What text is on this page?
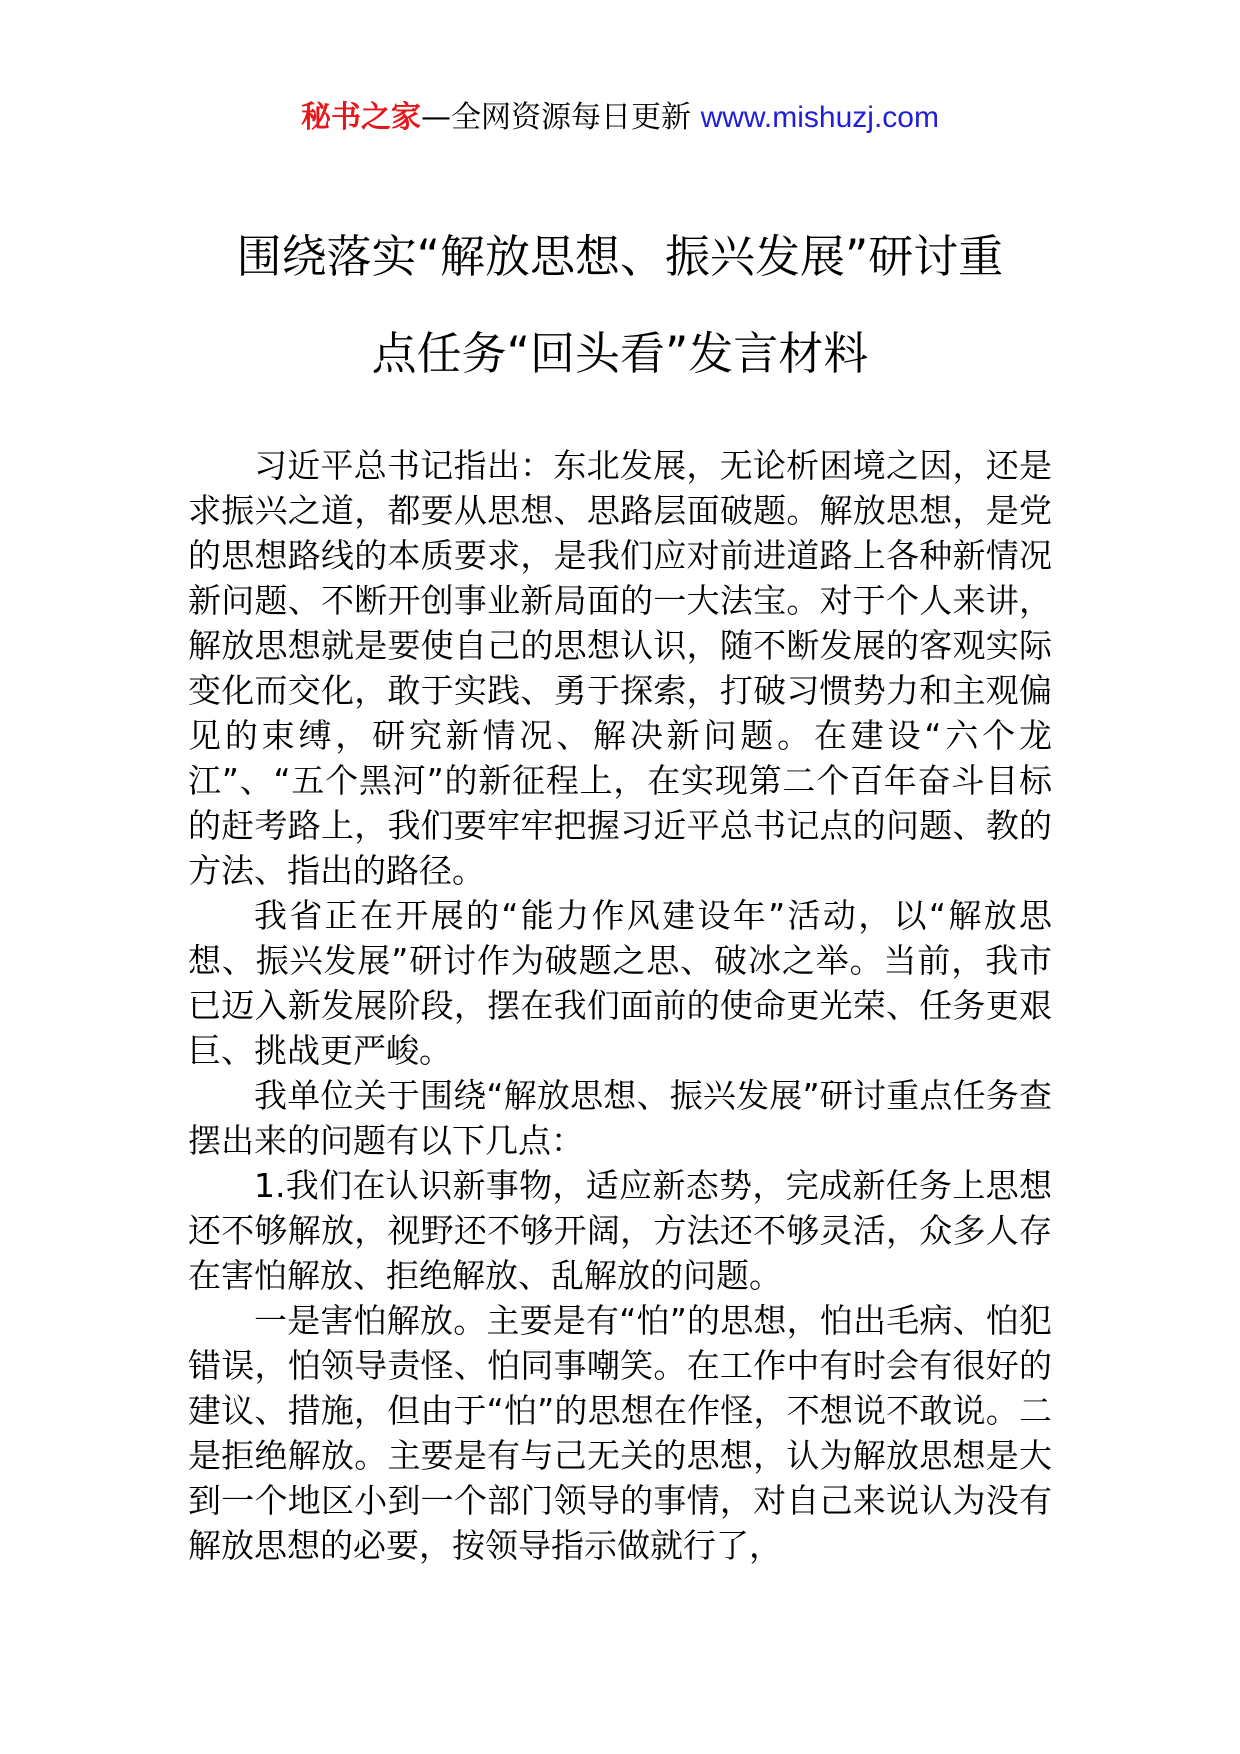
秘书之家—全网资源每日更新 www.mishuzj.com
围绕落实“解放思想、振兴发展”研讨重
点任务“回头看”发言材料

习近平总书记指出：东北发展，无论析困境之因，还是求振兴之道，都要从思想、思路层面破题。解放思想，是党的思想路线的本质要求，是我们应对前进道路上各种新情况新问题、不断开创事业新局面的一大法宝。对于个人来讲，解放思想就是要使自己的思想认识，随不断发展的客观实际变化而交化，敢于实践、勇于探索，打破习惯势力和主观偏见的束缚，研究新情况、解决新问题。在建设“六个龙江”、“五个黑河”的新征程上，在实现第二个百年奋斗目标的赶考路上，我们要牢牢把握习近平总书记点的问题、教的方法、指出的路径。

我省正在开展的“能力作风建设年”活动，以“解放思想、振兴发展”研讨作为破题之思、破冰之举。当前，我市已迈入新发展阶段，摆在我们面前的使命更光荣、任务更艰巨、挑战更严峻。

我单位关于围绕“解放思想、振兴发展”研讨重点任务查摆出来的问题有以下几点：

1.我们在认识新事物，适应新态势，完成新任务上思想还不够解放，视野还不够开阔，方法还不够灵活，众多人存在害怕解放、拒绝解放、乱解放的问题。

一是害怕解放。主要是有“怕”的思想，怕出毛病、怕犯错误，怕领导责怪、怕同事嘲笑。在工作中有时会有很好的建议、措施，但由于“怕”的思想在作怪，不想说不敢说。二是拒绝解放。主要是有与己无关的思想，认为解放思想是大到一个地区小到一个部门领导的事情，对自己来说认为没有解放思想的必要，按领导指示做就行了，
